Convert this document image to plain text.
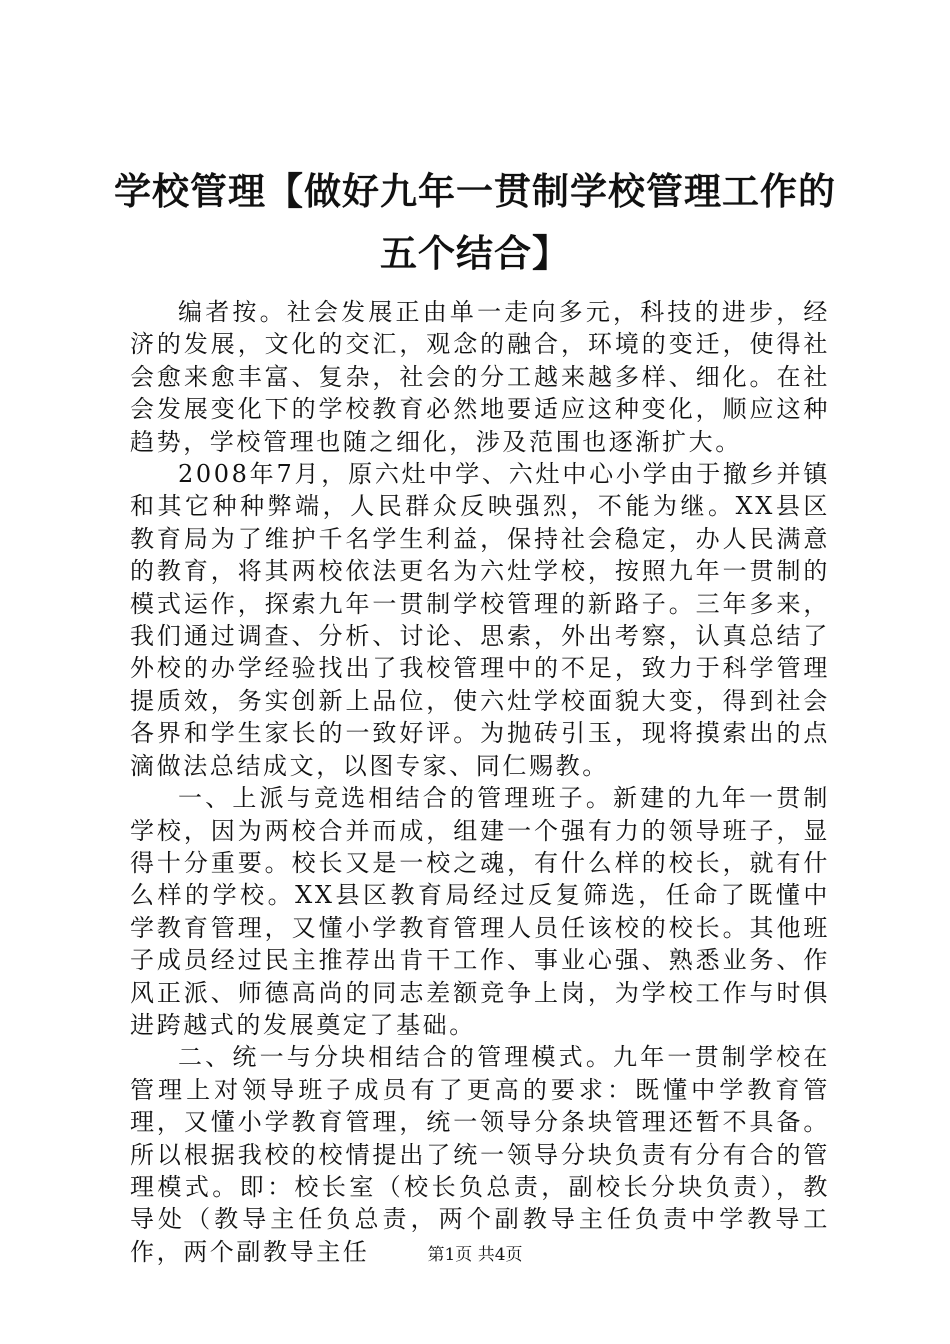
学校管理【做好九年一贯制学校管理工作的五个结合】

编者按。社会发展正由单一走向多元，科技的进步，经济的发展，文化的交汇，观念的融合，环境的变迁，使得社会愈来愈丰富、复杂，社会的分工越来越多样、细化。在社会发展变化下的学校教育必然地要适应这种变化，顺应这种趋势，学校管理也随之细化，涉及范围也逐渐扩大。

2008年7月，原六灶中学、六灶中心小学由于撤乡并镇和其它种种弊端，人民群众反映强烈，不能为继。XX县区教育局为了维护千名学生利益，保持社会稳定，办人民满意的教育，将其两校依法更名为六灶学校，按照九年一贯制的模式运作，探索九年一贯制学校管理的新路子。三年多来，我们通过调查、分析、讨论、思索，外出考察，认真总结了外校的办学经验找出了我校管理中的不足，致力于科学管理提质效，务实创新上品位，使六灶学校面貌大变，得到社会各界和学生家长的一致好评。为抛砖引玉，现将摸索出的点滴做法总结成文，以图专家、同仁赐教。

一、上派与竞选相结合的管理班子。新建的九年一贯制学校，因为两校合并而成，组建一个强有力的领导班子，显得十分重要。校长又是一校之魂，有什么样的校长，就有什么样的学校。XX县区教育局经过反复筛选，任命了既懂中学教育管理，又懂小学教育管理人员任该校的校长。其他班子成员经过民主推荐出肯干工作、事业心强、熟悉业务、作风正派、师德高尚的同志差额竞争上岗，为学校工作与时俱进跨越式的发展奠定了基础。

二、统一与分块相结合的管理模式。九年一贯制学校在管理上对领导班子成员有了更高的要求：既懂中学教育管理，又懂小学教育管理，统一领导分条块管理还暂不具备。所以根据我校的校情提出了统一领导分块负责有分有合的管理模式。即：校长室（校长负总责，副校长分块负责），教导处（教导主任负总责，两个副教导主任负责中学教导工作，两个副教导主任	第1页 共4页
